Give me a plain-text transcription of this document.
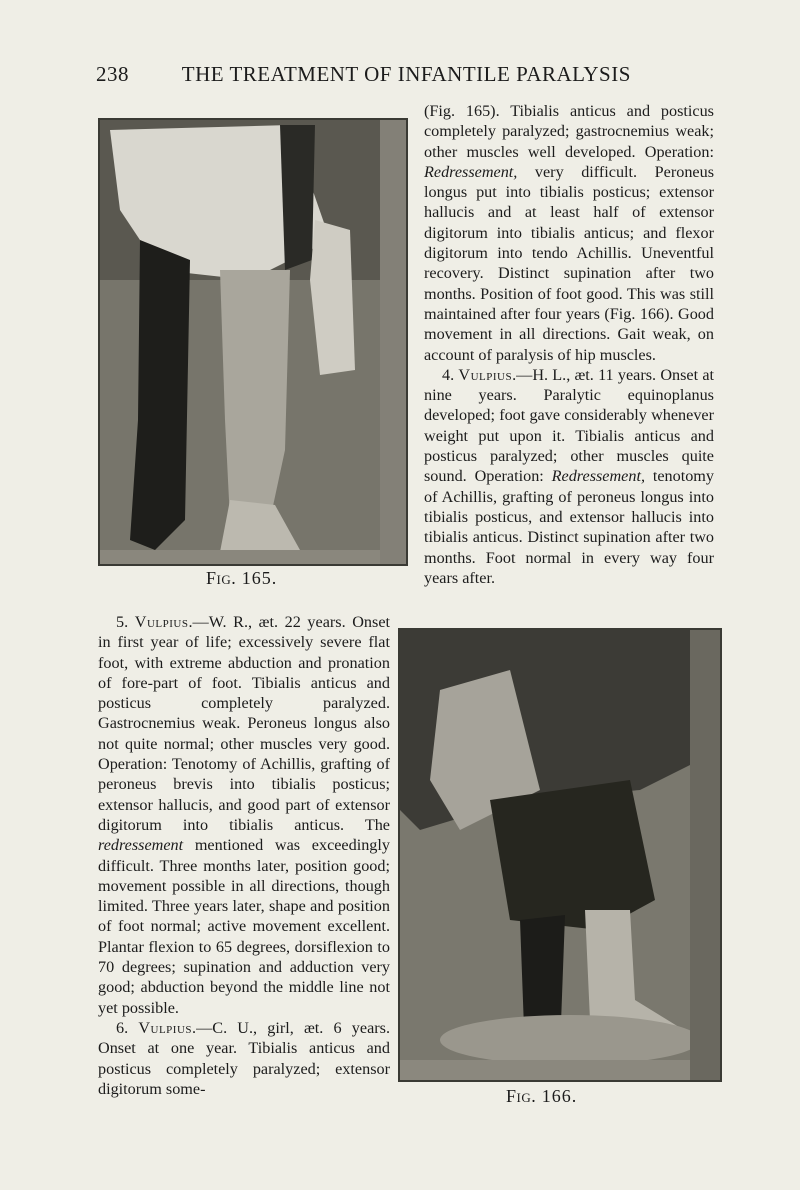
238	THE TREATMENT OF INFANTILE PARALYSIS
Fig. 165.

(Fig. 165). Tibialis anticus and posticus completely paralyzed; gastrocnemius weak; other muscles well developed. Operation: Redressement, very difficult. Peroneus longus put into tibialis posticus; extensor hallucis and at least half of extensor digitorum into tibialis anticus; and flexor digitorum into tendo Achillis. Uneventful recovery. Distinct supination after two months. Position of foot good. This was still maintained after four years (Fig. 166). Good movement in all directions. Gait weak, on account of paralysis of hip muscles.

4. Vulpius.—H. L., æt. 11 years. Onset at nine years. Paralytic equinoplanus developed; foot gave considerably whenever weight put upon it. Tibialis anticus and posticus paralyzed; other muscles quite sound. Operation: Redressement, tenotomy of Achillis, grafting of peroneus longus into tibialis posticus, and extensor hallucis into tibialis anticus. Distinct supination after two months. Foot normal in every way four years after.

5. Vulpius.—W. R., æt. 22 years. Onset in first year of life; excessively severe flat foot, with extreme abduction and pronation of fore-part of foot. Tibialis anticus and posticus completely paralyzed. Gastrocnemius weak. Peroneus longus also not quite normal; other muscles very good. Operation: Tenotomy of Achillis, grafting of peroneus brevis into tibialis posticus; extensor hallucis, and good part of extensor digitorum into tibialis anticus. The redressement mentioned was exceedingly difficult. Three months later, position good; movement possible in all directions, though limited. Three years later, shape and position of foot normal; active movement excellent. Plantar flexion to 65 degrees, dorsiflexion to 70 degrees; supination and adduction very good; abduction beyond the middle line not yet possible.

6. Vulpius.—C. U., girl, æt. 6 years. Onset at one year. Tibialis anticus and posticus completely paralyzed; extensor digitorum some-	Fig. 166.
